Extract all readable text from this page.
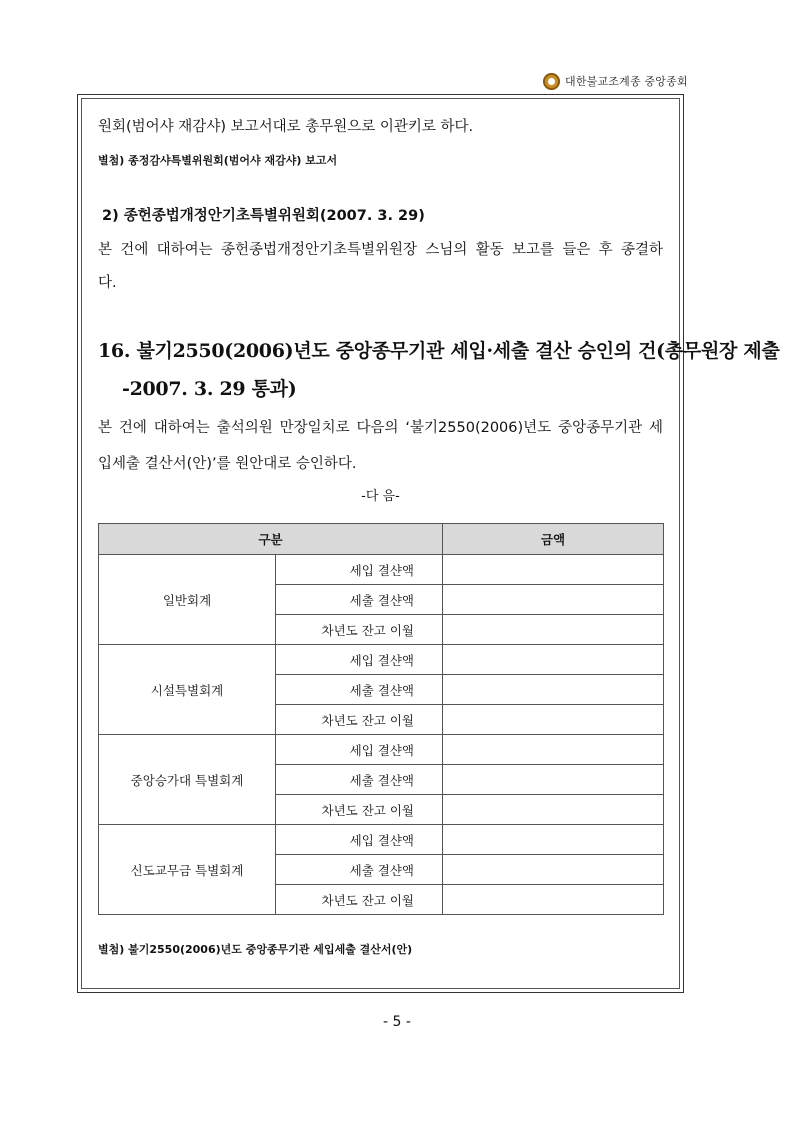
대한불교조계종 중앙종회
원회(범어샤 재감샤) 보고서대로 총무원으로 이관키로 하다.
별첨) 종정감샤특별위원회(범어샤 재감샤) 보고서
2) 종헌종법개정안기초특별위원회(2007. 3. 29)
본 건에 대하여는 종헌종법개정안기초특별위원장 스님의 활동 보고를 들은 후 종결하
다.
16. 불기2550(2006)년도 중앙종무기관 세입·세출 결산 승인의 건(총무원장 제출
-2007. 3. 29 통과)
본 건에 대하여는 출석의원 만장일치로 다음의 ‘불기2550(2006)년도 중앙종무기관 세
입세출 결산서(안)’를 원안대로 승인하다.
-다 음-
구분		금액
일반회계	세입 결샨액	
	세출 결샨액	
	차년도 잔고 이월	
시설특별회계	세입 결샨액	
	세출 결샨액	
	차년도 잔고 이월	
중앙승가대 특별회계	세입 결샨액	
	세출 결샨액	
	차년도 잔고 이월	
신도교무금 특별회계	세입 결샨액	
	세출 결샨액	
	차년도 잔고 이월	
별첨) 불기2550(2006)년도 중앙종무기관 세입세출 결산서(안)
- 5 -
